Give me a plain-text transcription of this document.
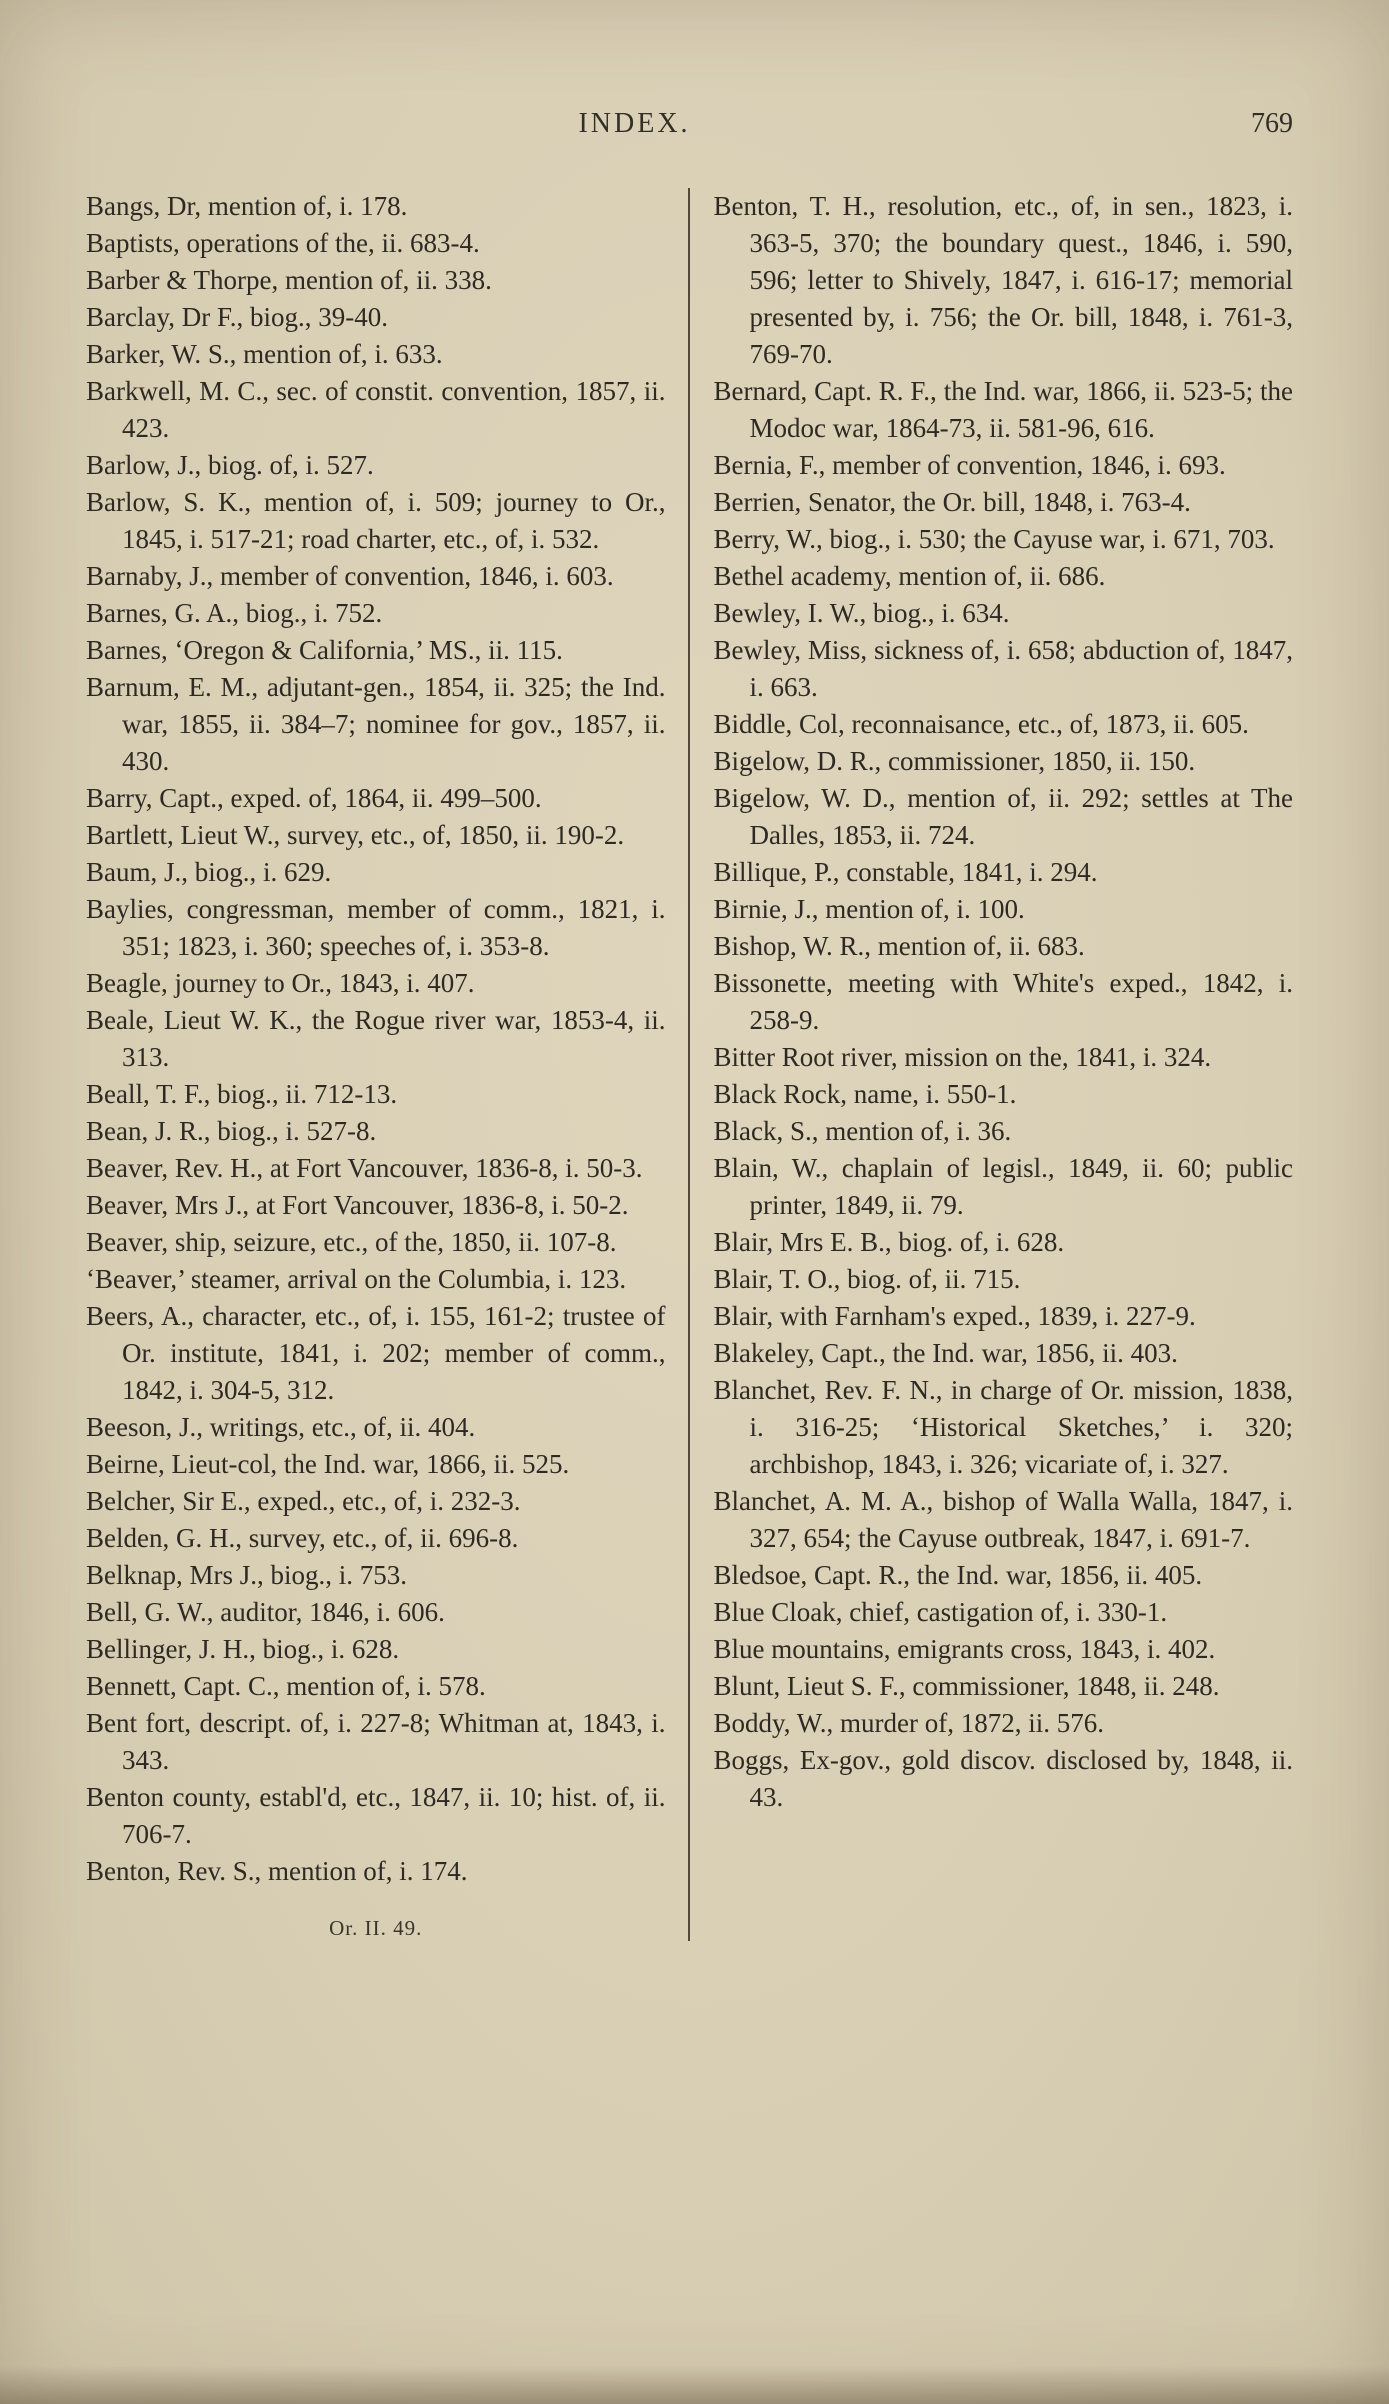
INDEX.	769

Bangs, Dr, mention of, i. 178.

Baptists, operations of the, ii. 683-4.

Barber & Thorpe, mention of, ii. 338.

Barclay, Dr F., biog., 39-40.

Barker, W. S., mention of, i. 633.

Barkwell, M. C., sec. of constit. convention, 1857, ii. 423.

Barlow, J., biog. of, i. 527.

Barlow, S. K., mention of, i. 509; journey to Or., 1845, i. 517-21; road charter, etc., of, i. 532.

Barnaby, J., member of convention, 1846, i. 603.

Barnes, G. A., biog., i. 752.

Barnes, ‘Oregon & California,’ MS., ii. 115.

Barnum, E. M., adjutant-gen., 1854, ii. 325; the Ind. war, 1855, ii. 384–7; nominee for gov., 1857, ii. 430.

Barry, Capt., exped. of, 1864, ii. 499–500.

Bartlett, Lieut W., survey, etc., of, 1850, ii. 190-2.

Baum, J., biog., i. 629.

Baylies, congressman, member of comm., 1821, i. 351; 1823, i. 360; speeches of, i. 353-8.

Beagle, journey to Or., 1843, i. 407.

Beale, Lieut W. K., the Rogue river war, 1853-4, ii. 313.

Beall, T. F., biog., ii. 712-13.

Bean, J. R., biog., i. 527-8.

Beaver, Rev. H., at Fort Vancouver, 1836-8, i. 50-3.

Beaver, Mrs J., at Fort Vancouver, 1836-8, i. 50-2.

Beaver, ship, seizure, etc., of the, 1850, ii. 107-8.

‘Beaver,’ steamer, arrival on the Columbia, i. 123.

Beers, A., character, etc., of, i. 155, 161-2; trustee of Or. institute, 1841, i. 202; member of comm., 1842, i. 304-5, 312.

Beeson, J., writings, etc., of, ii. 404.

Beirne, Lieut-col, the Ind. war, 1866, ii. 525.

Belcher, Sir E., exped., etc., of, i. 232-3.

Belden, G. H., survey, etc., of, ii. 696-8.

Belknap, Mrs J., biog., i. 753.

Bell, G. W., auditor, 1846, i. 606.

Bellinger, J. H., biog., i. 628.

Bennett, Capt. C., mention of, i. 578.

Bent fort, descript. of, i. 227-8; Whitman at, 1843, i. 343.

Benton county, establ'd, etc., 1847, ii. 10; hist. of, ii. 706-7.

Benton, Rev. S., mention of, i. 174.

Or. II. 49.

Benton, T. H., resolution, etc., of, in sen., 1823, i. 363-5, 370; the boundary quest., 1846, i. 590, 596; letter to Shively, 1847, i. 616-17; memorial presented by, i. 756; the Or. bill, 1848, i. 761-3, 769-70.

Bernard, Capt. R. F., the Ind. war, 1866, ii. 523-5; the Modoc war, 1864-73, ii. 581-96, 616.

Bernia, F., member of convention, 1846, i. 693.

Berrien, Senator, the Or. bill, 1848, i. 763-4.

Berry, W., biog., i. 530; the Cayuse war, i. 671, 703.

Bethel academy, mention of, ii. 686.

Bewley, I. W., biog., i. 634.

Bewley, Miss, sickness of, i. 658; abduction of, 1847, i. 663.

Biddle, Col, reconnaisance, etc., of, 1873, ii. 605.

Bigelow, D. R., commissioner, 1850, ii. 150.

Bigelow, W. D., mention of, ii. 292; settles at The Dalles, 1853, ii. 724.

Billique, P., constable, 1841, i. 294.

Birnie, J., mention of, i. 100.

Bishop, W. R., mention of, ii. 683.

Bissonette, meeting with White's exped., 1842, i. 258-9.

Bitter Root river, mission on the, 1841, i. 324.

Black Rock, name, i. 550-1.

Black, S., mention of, i. 36.

Blain, W., chaplain of legisl., 1849, ii. 60; public printer, 1849, ii. 79.

Blair, Mrs E. B., biog. of, i. 628.

Blair, T. O., biog. of, ii. 715.

Blair, with Farnham's exped., 1839, i. 227-9.

Blakeley, Capt., the Ind. war, 1856, ii. 403.

Blanchet, Rev. F. N., in charge of Or. mission, 1838, i. 316-25; ‘Historical Sketches,’ i. 320; archbishop, 1843, i. 326; vicariate of, i. 327.

Blanchet, A. M. A., bishop of Walla Walla, 1847, i. 327, 654; the Cayuse outbreak, 1847, i. 691-7.

Bledsoe, Capt. R., the Ind. war, 1856, ii. 405.

Blue Cloak, chief, castigation of, i. 330-1.

Blue mountains, emigrants cross, 1843, i. 402.

Blunt, Lieut S. F., commissioner, 1848, ii. 248.

Boddy, W., murder of, 1872, ii. 576.

Boggs, Ex-gov., gold discov. disclosed by, 1848, ii. 43.
